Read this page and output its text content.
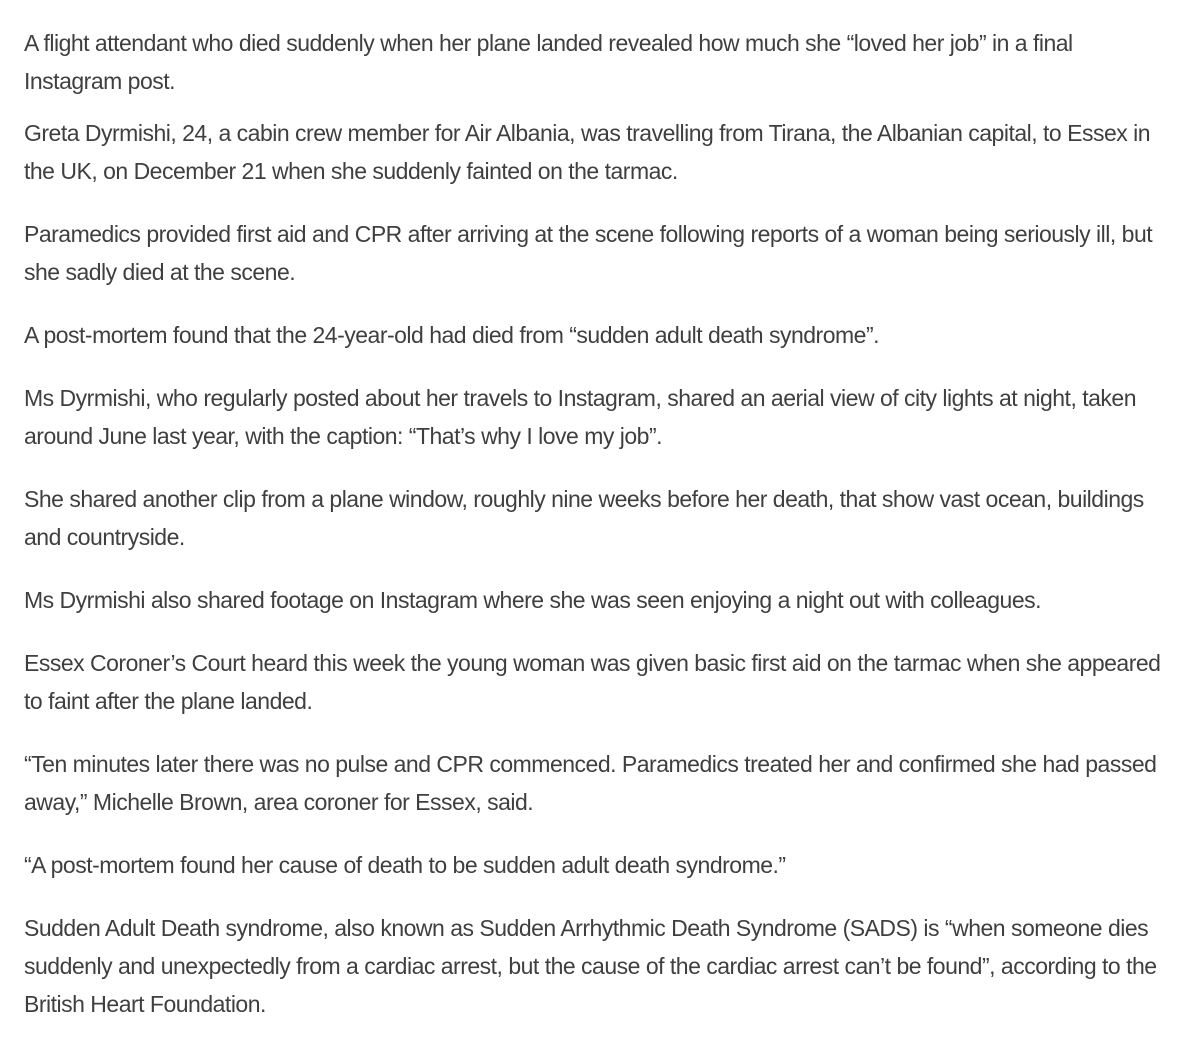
A flight attendant who died suddenly when her plane landed revealed how much she “loved her job” in a final Instagram post.

Greta Dyrmishi, 24, a cabin crew member for Air Albania, was travelling from Tirana, the Albanian capital, to Essex in the UK, on December 21 when she suddenly fainted on the tarmac.

Paramedics provided first aid and CPR after arriving at the scene following reports of a woman being seriously ill, but she sadly died at the scene.

A post-mortem found that the 24-year-old had died from “sudden adult death syndrome”.

Ms Dyrmishi, who regularly posted about her travels to Instagram, shared an aerial view of city lights at night, taken around June last year, with the caption: “That’s why I love my job”.

She shared another clip from a plane window, roughly nine weeks before her death, that show vast ocean, buildings and countryside.

Ms Dyrmishi also shared footage on Instagram where she was seen enjoying a night out with colleagues.

Essex Coroner’s Court heard this week the young woman was given basic first aid on the tarmac when she appeared to faint after the plane landed.

“Ten minutes later there was no pulse and CPR commenced. Paramedics treated her and confirmed she had passed away,” Michelle Brown, area coroner for Essex, said.

“A post-mortem found her cause of death to be sudden adult death syndrome.”

Sudden Adult Death syndrome, also known as Sudden Arrhythmic Death Syndrome (SADS) is “when someone dies suddenly and unexpectedly from a cardiac arrest, but the cause of the cardiac arrest can’t be found”, according to the British Heart Foundation.
